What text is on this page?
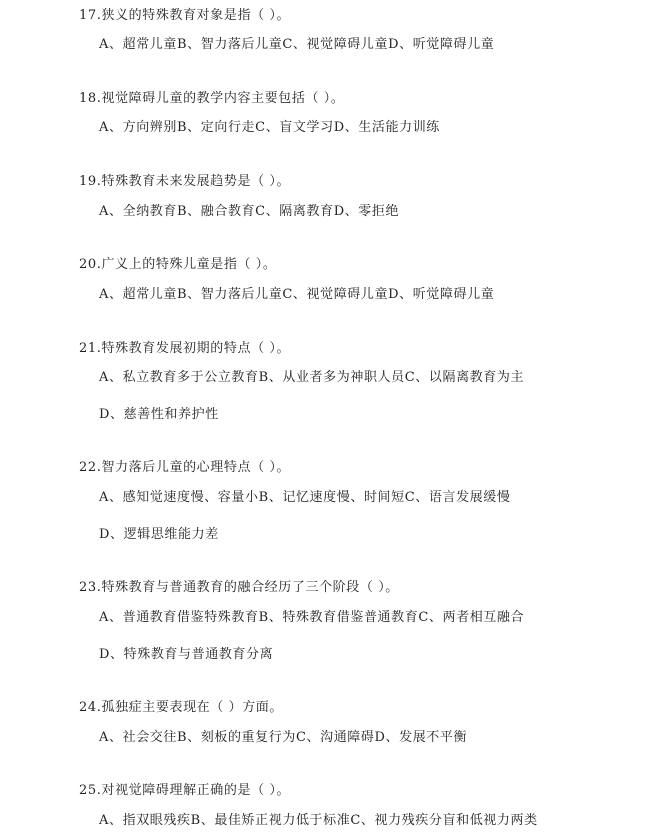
17.狭义的特殊教育对象是指（ ）。
A、超常儿童B、智力落后儿童C、视觉障碍儿童D、听觉障碍儿童
18.视觉障碍儿童的教学内容主要包括（ ）。
A、方向辨别B、定向行走C、盲文学习D、生活能力训练
19.特殊教育未来发展趋势是（ ）。
A、全纳教育B、融合教育C、隔离教育D、零拒绝
20.广义上的特殊儿童是指（ ）。
A、超常儿童B、智力落后儿童C、视觉障碍儿童D、听觉障碍儿童
21.特殊教育发展初期的特点（ ）。
A、私立教育多于公立教育B、从业者多为神职人员C、以隔离教育为主
D、慈善性和养护性
22.智力落后儿童的心理特点（ ）。
A、感知觉速度慢、容量小B、记忆速度慢、时间短C、语言发展缓慢
D、逻辑思维能力差
23.特殊教育与普通教育的融合经历了三个阶段（ ）。
A、普通教育借鉴特殊教育B、特殊教育借鉴普通教育C、两者相互融合
D、特殊教育与普通教育分离
24.孤独症主要表现在（ ）方面。
A、社会交往B、刻板的重复行为C、沟通障碍D、发展不平衡
25.对视觉障碍理解正确的是（ ）。
A、指双眼残疾B、最佳矫正视力低于标准C、视力残疾分盲和低视力两类
